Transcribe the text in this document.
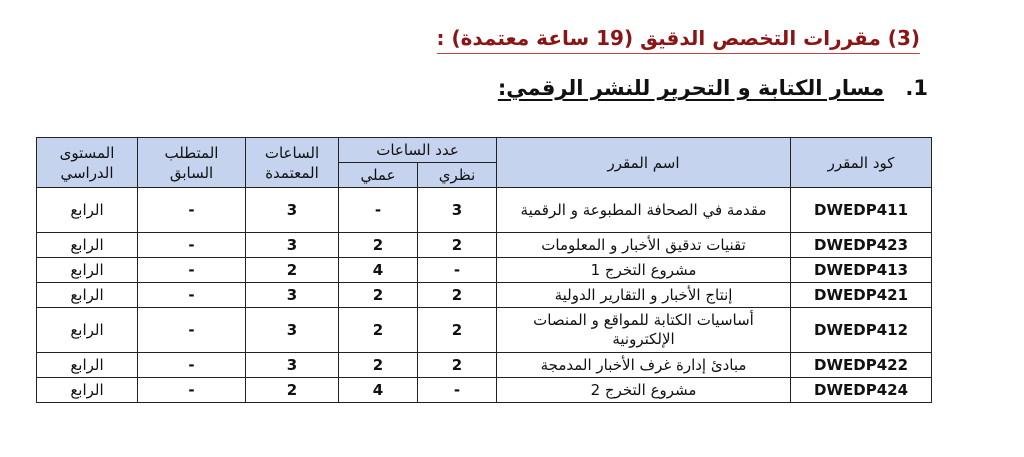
(3) مقررات التخصص الدقيق (19 ساعة معتمدة) :
1. مسار الكتابة و التحرير للنشر الرقمي:
كود المقرر	اسم المقرر	عدد الساعات		الساعات المعتمدة	المتطلب السابق	المستوى الدراسي
		نظري	عملي			
DWEDP411	مقدمة في الصحافة المطبوعة و الرقمية	3	-	3	-	الرابع
DWEDP423	تقنيات تدقيق الأخبار و المعلومات	2	2	3	-	الرابع
DWEDP413	مشروع التخرج 1	-	4	2	-	الرابع
DWEDP421	إنتاج الأخبار و التقارير الدولية	2	2	3	-	الرابع
DWEDP412	أساسيات الكتابة للمواقع و المنصات الإلكترونية	2	2	3	-	الرابع
DWEDP422	مبادئ إدارة غرف الأخبار المدمجة	2	2	3	-	الرابع
DWEDP424	مشروع التخرج 2	-	4	2	-	الرابع
